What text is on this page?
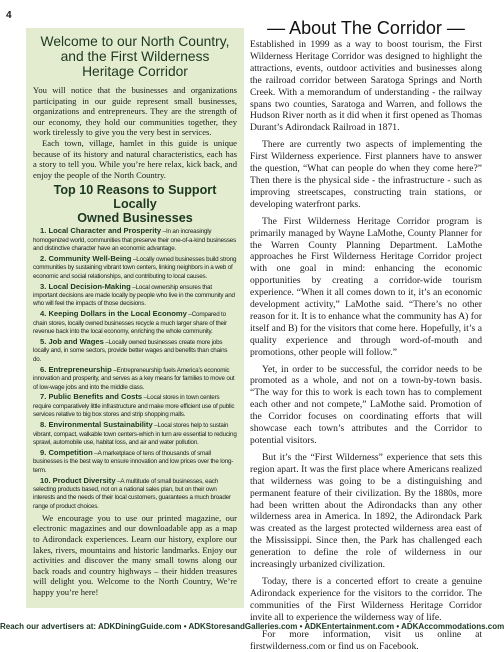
4
Welcome to our North Country,
and the First Wilderness
Heritage Corridor

You will notice that the businesses and organizations participating in our guide represent small businesses, organizations and entrepreneurs. They are the strength of our economy, they hold our communities together, they work tirelessly to give you the very best in services.

Each town, village, hamlet in this guide is unique because of its history and natural characteristics, each has a story to tell you. While you’re here relax, kick back, and enjoy the people of the North Country.

Top 10 Reasons to Support Locally
Owned Businesses
1. Local Character and Prosperity –In an increasingly homogenized world, communities that preserve their one-of-a-kind businesses and distinctive character have an economic advantage.
2. Community Well-Being –Locally owned businesses build strong communities by sustaining vibrant town centers, linking neighbors in a web of economic and social relationships, and contributing to local causes.
3. Local Decision-Making –Local ownership ensures that important decisions are made locally by people who live in the community and who will feel the impacts of those decisions.
4. Keeping Dollars in the Local Economy –Compared to chain stores, locally owned businesses recycle a much larger share of their revenue back into the local economy, enriching the whole community.
5. Job and Wages –Locally owned businesses create more jobs locally and, in some sectors, provide better wages and benefits than chains do.
6. Entrepreneurship –Entrepreneurship fuels America’s economic innovation and prosperity, and serves as a key means for families to move out of low-wage jobs and into the middle class.
7. Public Benefits and Costs –Local stores in town centers require comparatively little infrastructure and make more efficient use of public services relative to big box stores and strip shopping malls.
8. Environmental Sustainability –Local stores help to sustain vibrant, compact, walkable town centers-which in turn are essential to reducing sprawl, automobile use, habitat loss, and air and water pollution.
9. Competition –A marketplace of tens of thousands of small businesses is the best way to ensure innovation and low prices over the long-term.
10. Product Diversity –A multitude of small businesses, each selecting products based, not on a national sales plan, but on their own interests and the needs of their local customers, guarantees a much broader range of product choices.

We encourage you to use our printed magazine, our electronic magazines and our downloadable app as a map to Adirondack experiences. Learn our history, explore our lakes, rivers, mountains and historic landmarks. Enjoy our activities and discover the many small towns along our back roads and country highways – their hidden treasures will delight you. Welcome to the North Country, We’re happy you’re here!

— About The Corridor —

Established in 1999 as a way to boost tourism, the First Wilderness Heritage Corridor was designed to highlight the attractions, events, outdoor activities and businesses along the railroad corridor between Saratoga Springs and North Creek. With a memorandum of understanding - the railway spans two counties, Saratoga and Warren, and follows the Hudson River north as it did when it first opened as Thomas Durant’s Adirondack Railroad in 1871.

There are currently two aspects of implementing the First Wilderness experience. First planners have to answer the question, “What can people do when they come here?” Then there is the physical side - the infrastructure - such as improving streetscapes, constructing train stations, or developing waterfront parks.

The First Wilderness Heritage Corridor program is primarily managed by Wayne LaMothe, County Planner for the Warren County Planning Department. LaMothe approaches he First Wilderness Heritage Corridor project with one goal in mind: enhancing the economic opportunities by creating a corridor-wide tourism experience. “When it all comes down to it, it’s an economic development activity,” LaMothe said. “There’s no other reason for it. It is to enhance what the community has A) for itself and B) for the visitors that come here. Hopefully, it’s a quality experience and through word-of-mouth and promotions, other people will follow.”

Yet, in order to be successful, the corridor needs to be promoted as a whole, and not on a town-by-town basis. “The way for this to work is each town has to complement each other and not compete,” LaMothe said. Promotion of the Corridor focuses on coordinating efforts that will showcase each town’s attributes and the Corridor to potential visitors.

But it’s the “First Wilderness” experience that sets this region apart. It was the first place where Americans realized that wilderness was going to be a distinguishing and permanent feature of their civilization. By the 1880s, more had been written about the Adirondacks than any other wilderness area in America. In 1892, the Adirondack Park was created as the largest protected wilderness area east of the Mississippi. Since then, the Park has challenged each generation to define the role of wilderness in our increasingly urbanized civilization.

Today, there is a concerted effort to create a genuine Adirondack experience for the visitors to the corridor. The communities of the First Wilderness Heritage Corridor invite all to experience the wilderness way of life.

For more information, visit us online at firstwilderness.com or find us on Facebook.

Reach our advertisers at: ADKDiningGuide.com • ADKStoresandGalleries.com • ADKEntertainment.com • ADKAccommodations.com
